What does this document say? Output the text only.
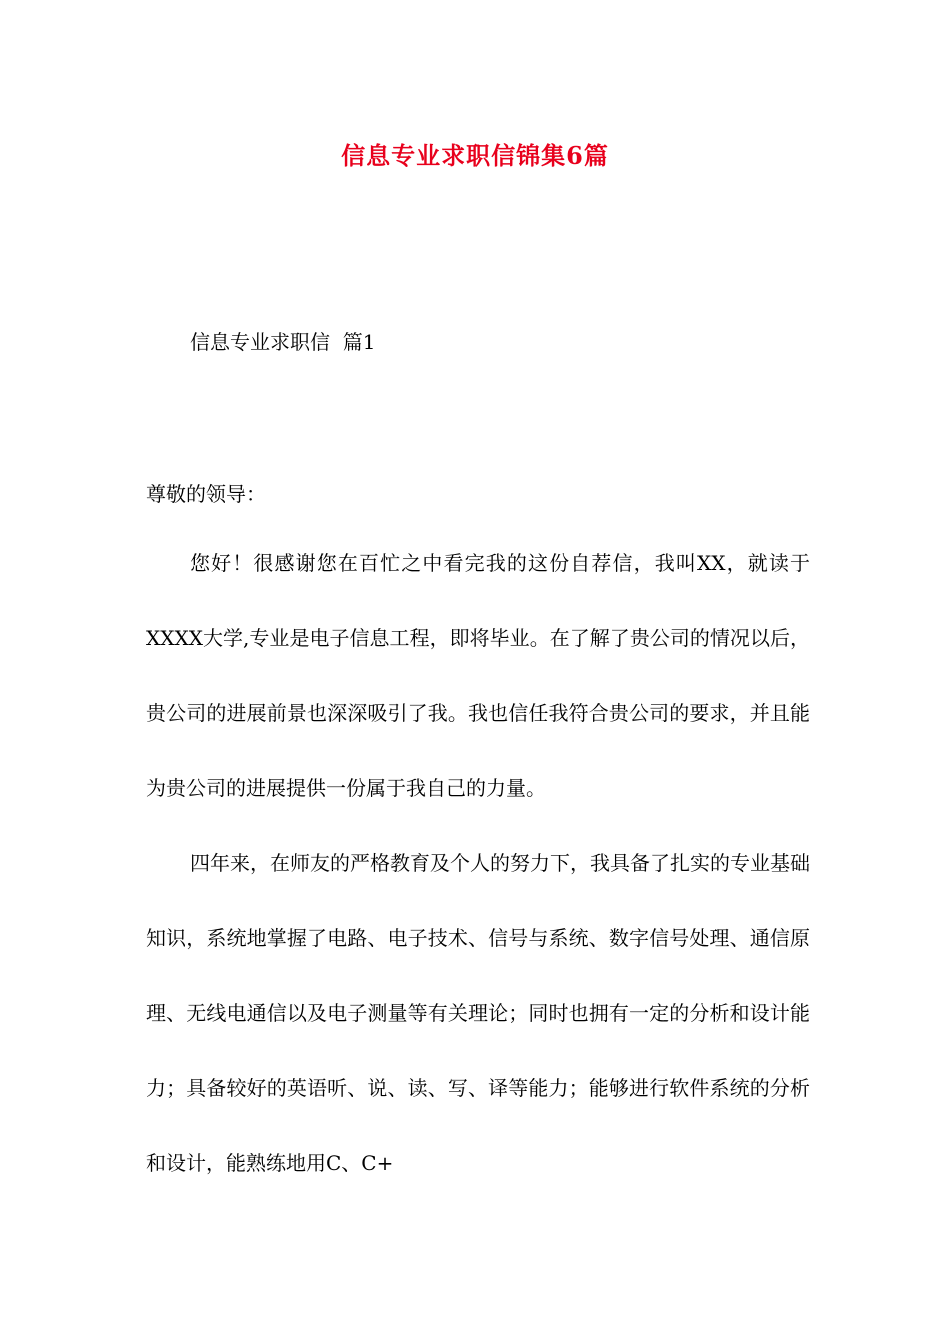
信息专业求职信锦集6篇
信息专业求职信  篇1
尊敬的领导：

您好！很感谢您在百忙之中看完我的这份自荐信，我叫XX，就读于XXXX大学,专业是电子信息工程，即将毕业。在了解了贵公司的情况以后，贵公司的进展前景也深深吸引了我。我也信任我符合贵公司的要求，并且能为贵公司的进展提供一份属于我自己的力量。

四年来，在师友的严格教育及个人的努力下，我具备了扎实的专业基础知识，系统地掌握了电路、电子技术、信号与系统、数字信号处理、通信原理、无线电通信以及电子测量等有关理论；同时也拥有一定的分析和设计能力；具备较好的英语听、说、读、写、译等能力；能够进行软件系统的分析和设计，能熟练地用C、C+
